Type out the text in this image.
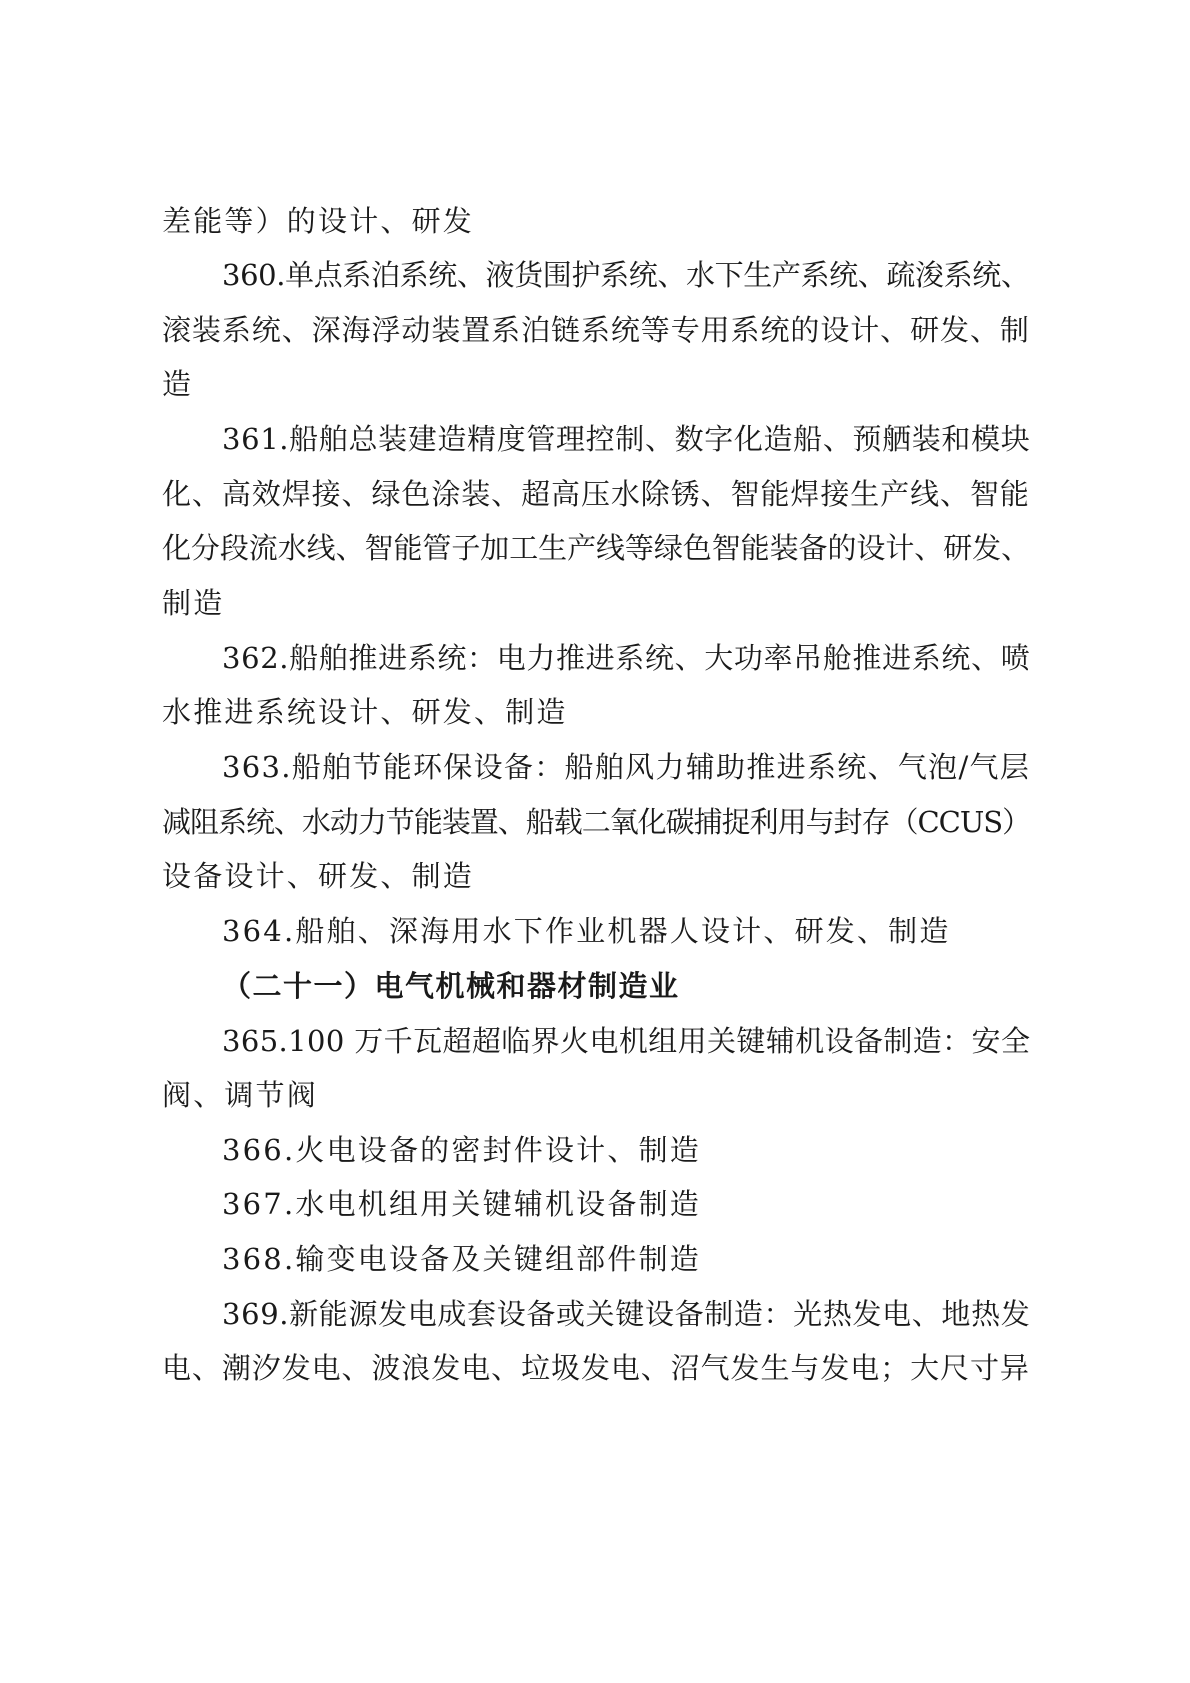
差能等）的设计、研发
360.单点系泊系统、液货围护系统、水下生产系统、疏浚系统、
滚装系统、深海浮动装置系泊链系统等专用系统的设计、研发、制
造
361.船舶总装建造精度管理控制、数字化造船、预舾装和模块
化、高效焊接、绿色涂装、超高压水除锈、智能焊接生产线、智能
化分段流水线、智能管子加工生产线等绿色智能装备的设计、研发、
制造
362.船舶推进系统：电力推进系统、大功率吊舱推进系统、喷
水推进系统设计、研发、制造
363.船舶节能环保设备：船舶风力辅助推进系统、气泡/气层
减阻系统、水动力节能装置、船载二氧化碳捕捉利用与封存（CCUS）
设备设计、研发、制造
364.船舶、深海用水下作业机器人设计、研发、制造
（二十一）电气机械和器材制造业
365.100 万千瓦超超临界火电机组用关键辅机设备制造：安全
阀、调节阀
366.火电设备的密封件设计、制造
367.水电机组用关键辅机设备制造
368.输变电设备及关键组部件制造
369.新能源发电成套设备或关键设备制造：光热发电、地热发
电、潮汐发电、波浪发电、垃圾发电、沼气发生与发电；大尺寸异
